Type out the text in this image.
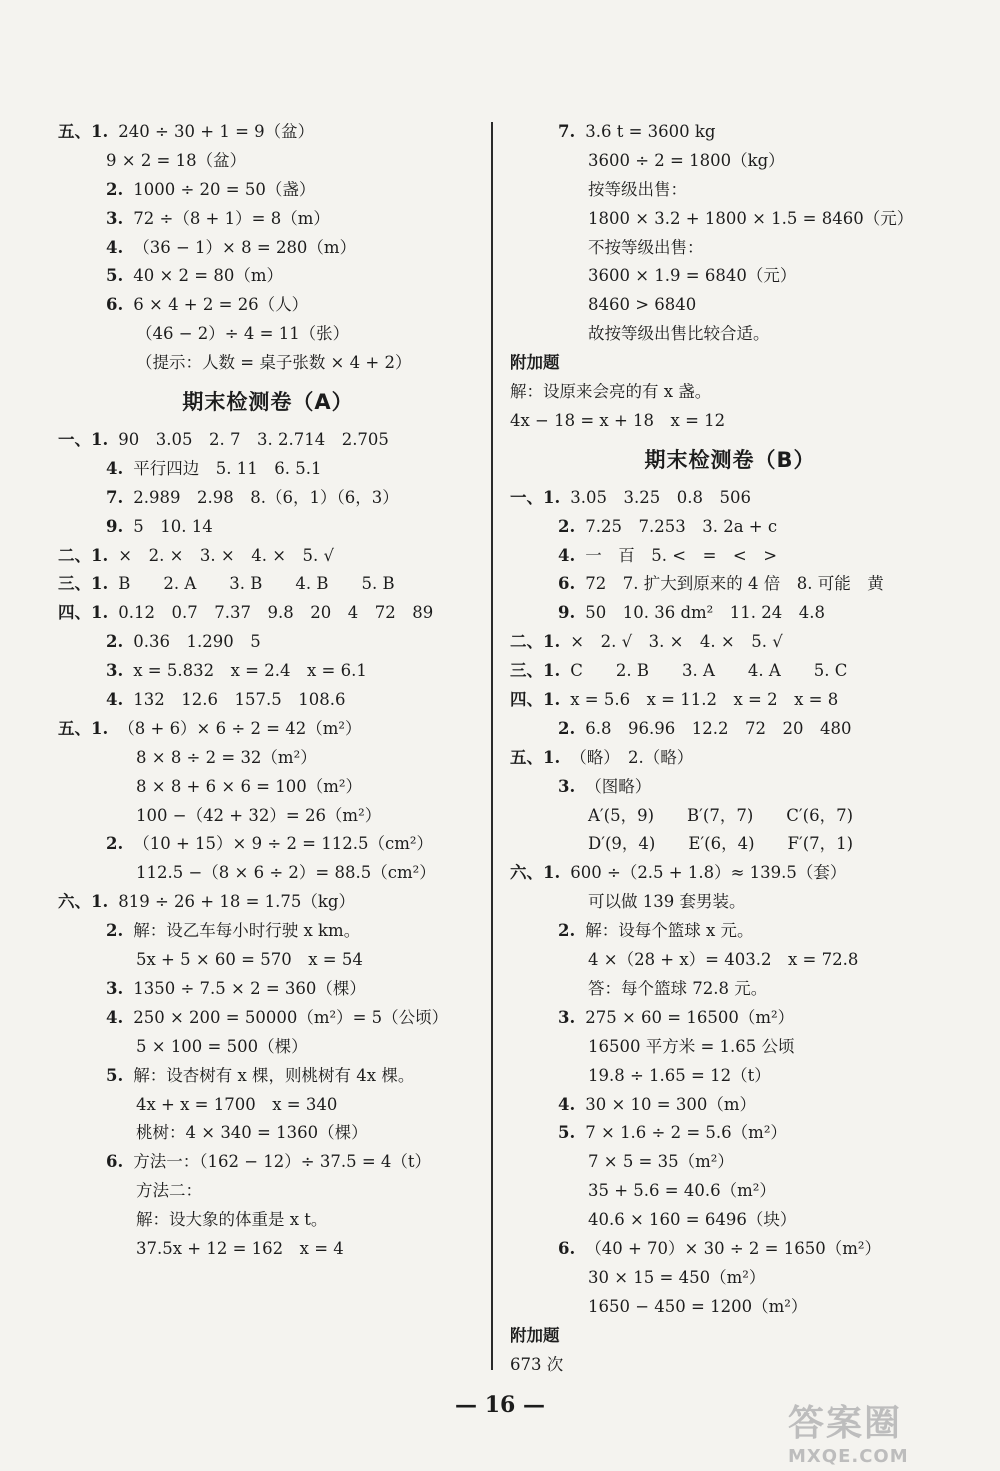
五、1. 240 ÷ 30 + 1 = 9（盆）
9 × 2 = 18（盆）
2. 1000 ÷ 20 = 50（盏）
3. 72 ÷（8 + 1）= 8（m）
4. （36 − 1）× 8 = 280（m）
5. 40 × 2 = 80（m）
6. 6 × 4 + 2 = 26（人）
（46 − 2）÷ 4 = 11（张）
（提示：人数 = 桌子张数 × 4 + 2）
期末检测卷（A）
一、1. 90　3.05　2. 7　3. 2.714　2.705
4. 平行四边　5. 11　6. 5.1
7. 2.989　2.98　8.（6，1）（6，3）
9. 5　10. 14
二、1. ×　2. ×　3. ×　4. ×　5. √
三、1. B　　2. A　　3. B　　4. B　　5. B
四、1. 0.12　0.7　7.37　9.8　20　4　72　89
2. 0.36　1.290　5
3. x = 5.832　x = 2.4　x = 6.1
4. 132　12.6　157.5　108.6
五、1. （8 + 6）× 6 ÷ 2 = 42（m²）
8 × 8 ÷ 2 = 32（m²）
8 × 8 + 6 × 6 = 100（m²）
100 −（42 + 32）= 26（m²）
2. （10 + 15）× 9 ÷ 2 = 112.5（cm²）
112.5 −（8 × 6 ÷ 2）= 88.5（cm²）
六、1. 819 ÷ 26 + 18 = 1.75（kg）
2. 解：设乙车每小时行驶 x km。
5x + 5 × 60 = 570　x = 54
3. 1350 ÷ 7.5 × 2 = 360（棵）
4. 250 × 200 = 50000（m²）= 5（公顷）
5 × 100 = 500（棵）
5. 解：设杏树有 x 棵，则桃树有 4x 棵。
4x + x = 1700　x = 340
桃树：4 × 340 = 1360（棵）
6. 方法一：（162 − 12）÷ 37.5 = 4（t）
方法二：
解：设大象的体重是 x t。
37.5x + 12 = 162　x = 4
7. 3.6 t = 3600 kg
3600 ÷ 2 = 1800（kg）
按等级出售：
1800 × 3.2 + 1800 × 1.5 = 8460（元）
不按等级出售：
3600 × 1.9 = 6840（元）
8460 > 6840
故按等级出售比较合适。
附加题
解：设原来会亮的有 x 盏。
4x − 18 = x + 18　x = 12
期末检测卷（B）
一、1. 3.05　3.25　0.8　506
2. 7.25　7.253　3. 2a + c
4. 一　百　5. <　=　<　>
6. 72　7. 扩大到原来的 4 倍　8. 可能　黄
9. 50　10. 36 dm²　11. 24　4.8
二、1. ×　2. √　3. ×　4. ×　5. √
三、1. C　　2. B　　3. A　　4. A　　5. C
四、1. x = 5.6　x = 11.2　x = 2　x = 8
2. 6.8　96.96　12.2　72　20　480
五、1. （略）　2.（略）
3. （图略）
A′(5，9)　　B′(7，7)　　C′(6，7)
D′(9，4)　　E′(6，4)　　F′(7，1)
六、1. 600 ÷（2.5 + 1.8）≈ 139.5（套）
可以做 139 套男装。
2. 解：设每个篮球 x 元。
4 ×（28 + x）= 403.2　x = 72.8
答：每个篮球 72.8 元。
3. 275 × 60 = 16500（m²）
16500 平方米 = 1.65 公顷
19.8 ÷ 1.65 = 12（t）
4. 30 × 10 = 300（m）
5. 7 × 1.6 ÷ 2 = 5.6（m²）
7 × 5 = 35（m²）
35 + 5.6 = 40.6（m²）
40.6 × 160 = 6496（块）
6. （40 + 70）× 30 ÷ 2 = 1650（m²）
30 × 15 = 450（m²）
1650 − 450 = 1200（m²）
附加题
673 次
— 16 —	答案圈
MXQE.COM
